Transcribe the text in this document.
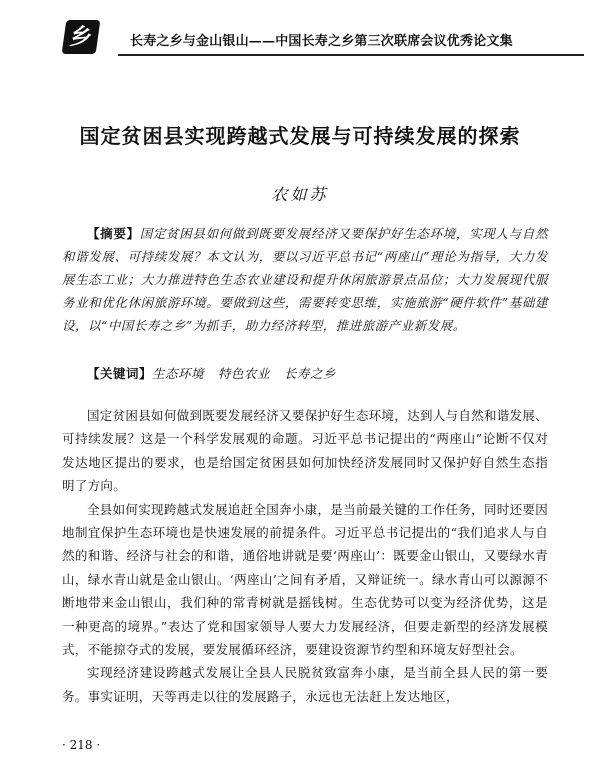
乡	长寿之乡与金山银山——中国长寿之乡第三次联席会议优秀论文集
国定贫困县实现跨越式发展与可持续发展的探索
农如苏

【摘要】国定贫困县如何做到既要发展经济又要保护好生态环境，实现人与自然和谐发展、可持续发展？本文认为，要以习近平总书记“两座山”理论为指导，大力发展生态工业；大力推进特色生态农业建设和提升休闲旅游景点品位；大力发展现代服务业和优化休闲旅游环境。要做到这些，需要转变思维，实施旅游“硬件软件”基础建设，以“中国长寿之乡”为抓手，助力经济转型，推进旅游产业新发展。

【关键词】生态环境 特色农业 长寿之乡

国定贫困县如何做到既要发展经济又要保护好生态环境，达到人与自然和谐发展、可持续发展？这是一个科学发展观的命题。习近平总书记提出的“两座山”论断不仅对发达地区提出的要求，也是给国定贫困县如何加快经济发展同时又保护好自然生态指明了方向。

全县如何实现跨越式发展追赶全国奔小康，是当前最关键的工作任务，同时还要因地制宜保护生态环境也是快速发展的前提条件。习近平总书记提出的“我们追求人与自然的和谐、经济与社会的和谐，通俗地讲就是要‘两座山’：既要金山银山，又要绿水青山，绿水青山就是金山银山。‘两座山’之间有矛盾，又辩证统一。绿水青山可以源源不断地带来金山银山，我们种的常青树就是摇钱树。生态优势可以变为经济优势，这是一种更高的境界。”表达了党和国家领导人要大力发展经济，但要走新型的经济发展模式，不能掠夺式的发展，要发展循环经济，要建设资源节约型和环境友好型社会。

实现经济建设跨越式发展让全县人民脱贫致富奔小康，是当前全县人民的第一要务。事实证明，天等再走以往的发展路子，永远也无法赶上发达地区，

· 218 ·
